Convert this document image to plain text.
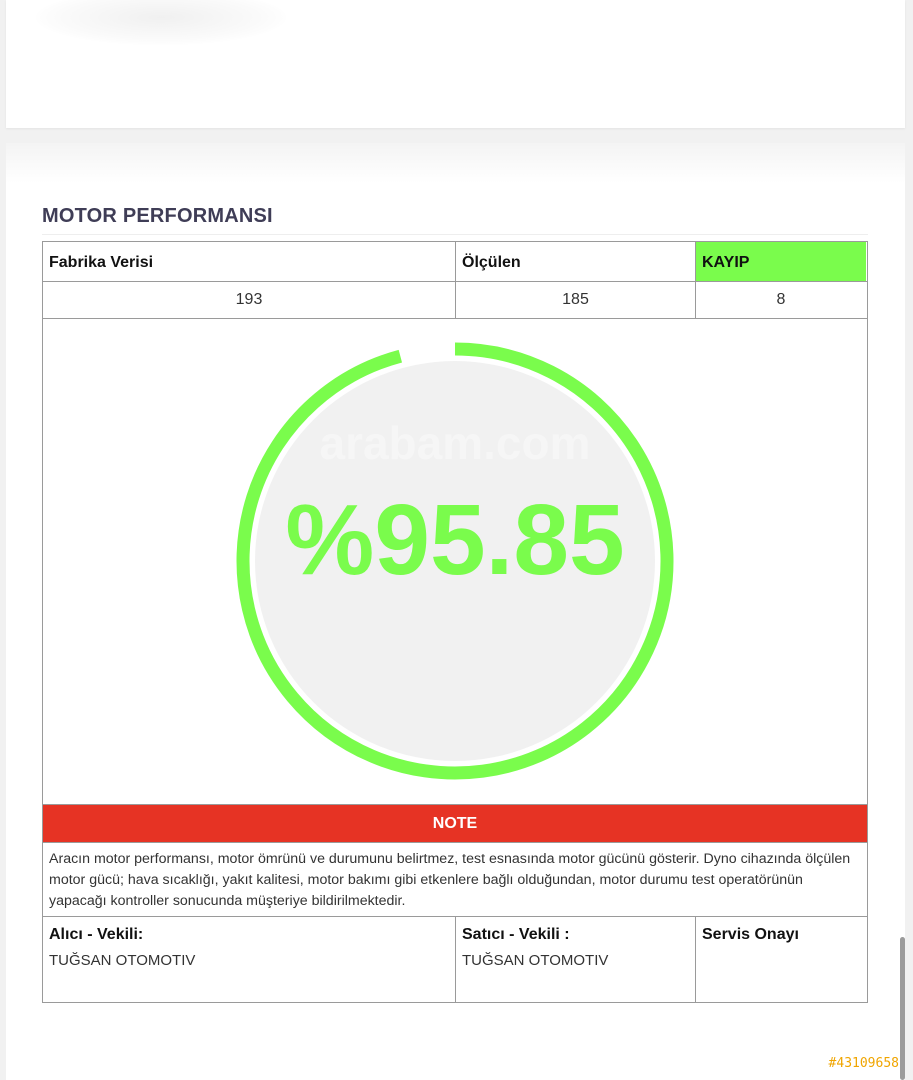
MOTOR PERFORMANSI
Fabrika Verisi	Ölçülen	KAYIP
193	185	8
arabam.com
%95.85
NOTE
Aracın motor performansı, motor ömrünü ve durumunu belirtmez, test esnasında motor gücünü gösterir. Dyno cihazında ölçülen motor gücü; hava sıcaklığı, yakıt kalitesi, motor bakımı gibi etkenlere bağlı olduğundan, motor durumu test operatörünün yapacağı kontroller sonucunda müşteriye bildirilmektedir.
Alıcı - Vekili:
TUĞSAN OTOMOTIV
Satıcı - Vekili :
TUĞSAN OTOMOTIV
Servis Onayı
#43109658
